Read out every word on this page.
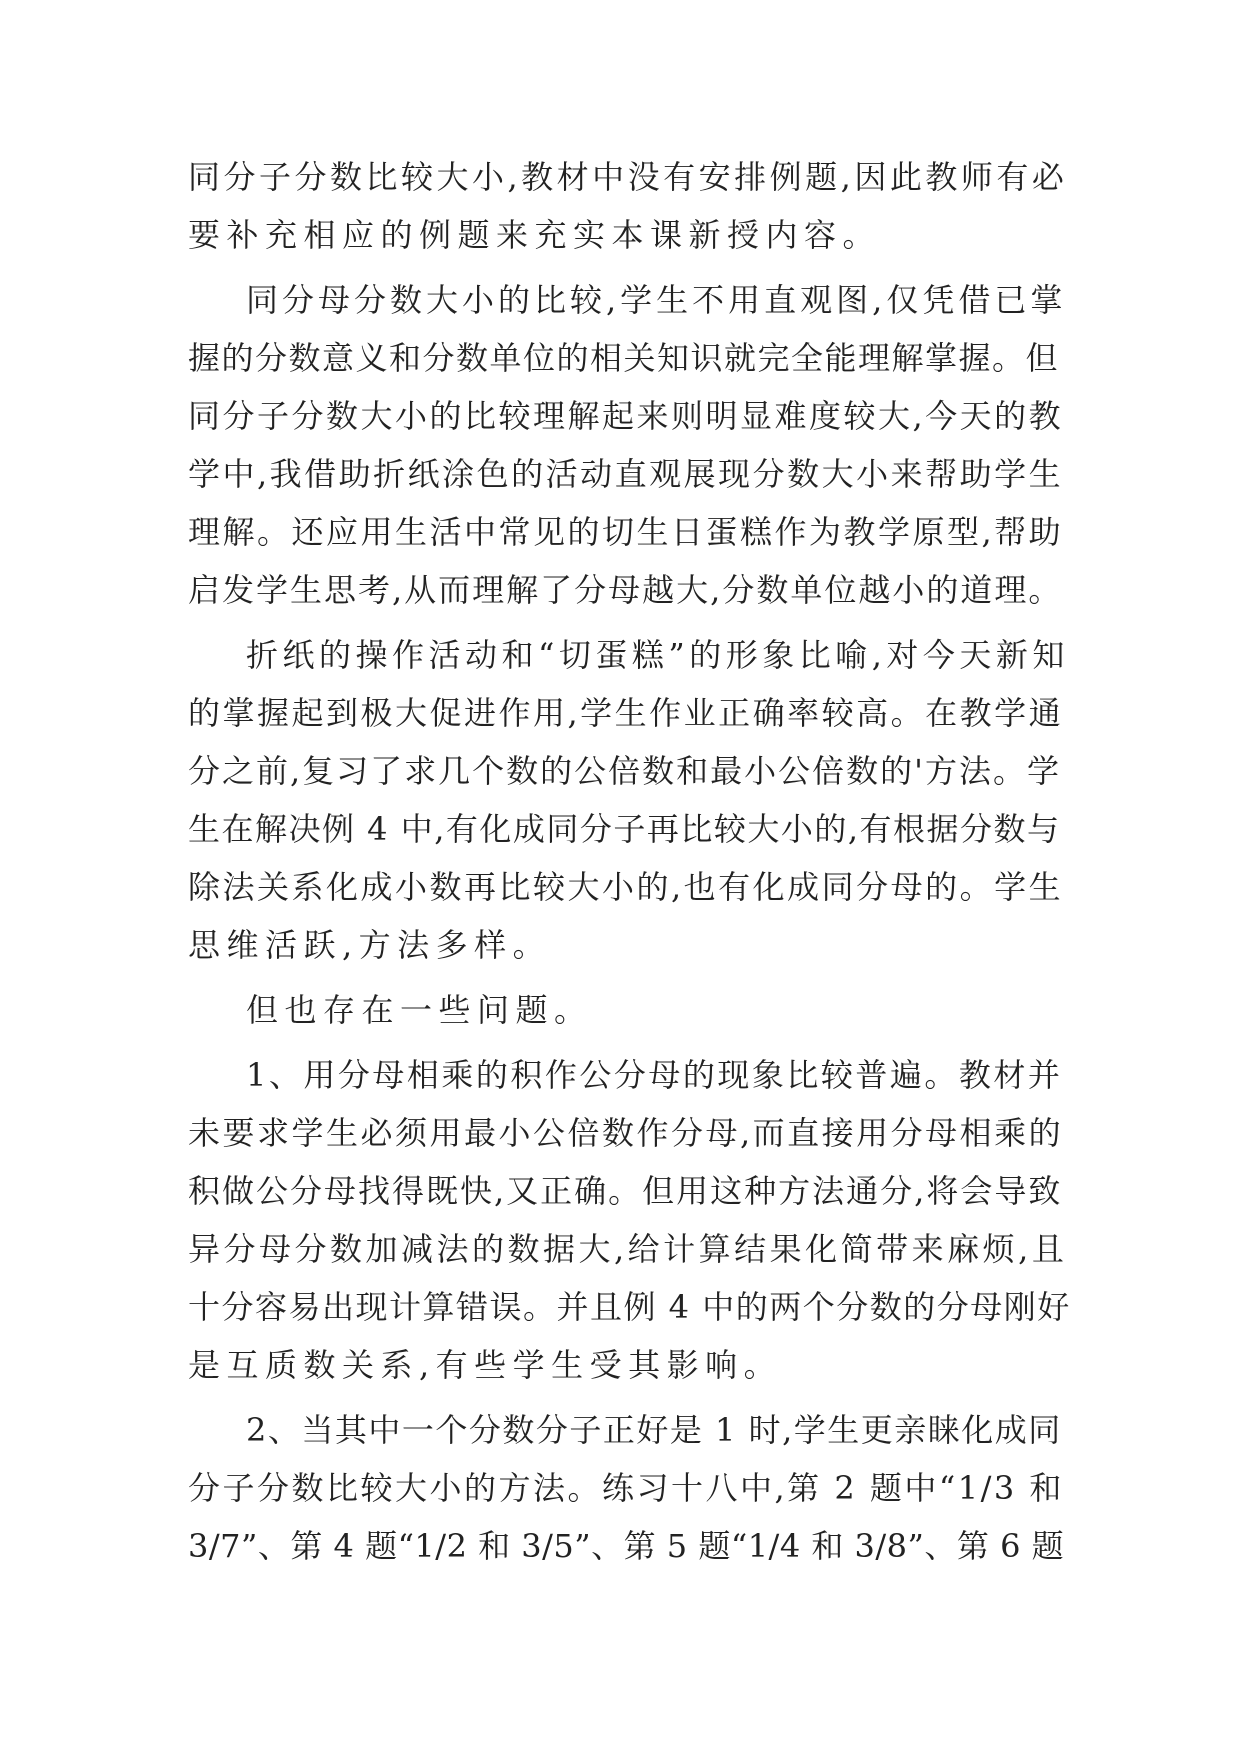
同分子分数比较大小,教材中没有安排例题,因此教师有必
要补充相应的例题来充实本课新授内容。
同分母分数大小的比较,学生不用直观图,仅凭借已掌
握的分数意义和分数单位的相关知识就完全能理解掌握。但
同分子分数大小的比较理解起来则明显难度较大,今天的教
学中,我借助折纸涂色的活动直观展现分数大小来帮助学生
理解。还应用生活中常见的切生日蛋糕作为教学原型,帮助
启发学生思考,从而理解了分母越大,分数单位越小的道理。
折纸的操作活动和“切蛋糕”的形象比喻,对今天新知
的掌握起到极大促进作用,学生作业正确率较高。在教学通
分之前,复习了求几个数的公倍数和最小公倍数的'方法。学
生在解决例 4 中,有化成同分子再比较大小的,有根据分数与
除法关系化成小数再比较大小的,也有化成同分母的。学生
思维活跃,方法多样。
但也存在一些问题。
1、用分母相乘的积作公分母的现象比较普遍。教材并
未要求学生必须用最小公倍数作分母,而直接用分母相乘的
积做公分母找得既快,又正确。但用这种方法通分,将会导致
异分母分数加减法的数据大,给计算结果化简带来麻烦,且
十分容易出现计算错误。并且例 4 中的两个分数的分母刚好
是互质数关系,有些学生受其影响。
2、当其中一个分数分子正好是 1 时,学生更亲睐化成同
分子分数比较大小的方法。练习十八中,第 2 题中“1/3 和
3/7”、第 4 题“1/2 和 3/5”、第 5 题“1/4 和 3/8”、第 6 题
